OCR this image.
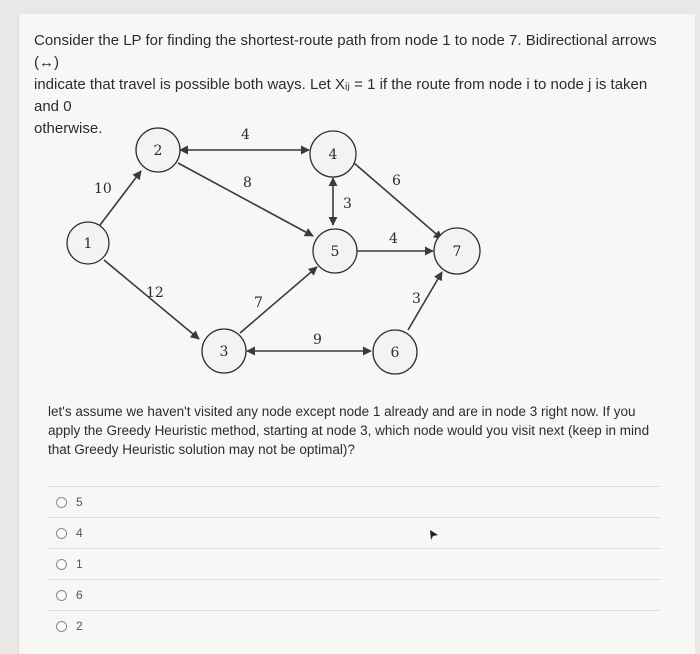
Consider the LP for finding the shortest-route path from node 1 to node 7. Bidirectional arrows (↔)
indicate that travel is possible both ways. Let Xᵢⱼ = 1 if the route from node i to node j is taken and 0
otherwise.
10
12
4
8
3
6
4
7
9
3
1
2
3
4
5
6
7
let's assume we haven't visited any node except node 1 already and are in node 3 right now. If you
apply the Greedy Heuristic method, starting at node 3, which node would you visit next (keep in mind
that Greedy Heuristic solution may not be optimal)?
5
4
1
6
2
